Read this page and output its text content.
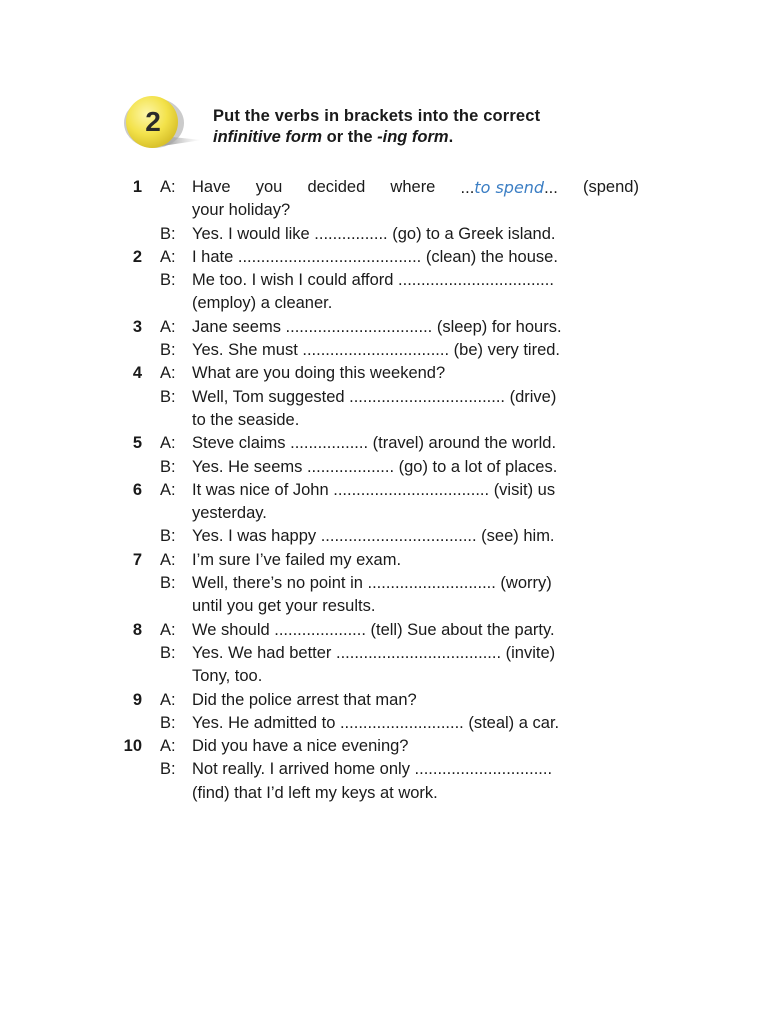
2	Put the verbs in brackets into the correct
infinitive form or the -ing form.
1 A: Have you decided where ...to spend... (spend)
your holiday?
B: Yes. I would like ................ (go) to a Greek island.
2 A: I hate ........................................ (clean) the house.
B: Me too. I wish I could afford ..................................
(employ) a cleaner.
3 A: Jane seems ................................ (sleep) for hours.
B: Yes. She must ................................ (be) very tired.
4 A: What are you doing this weekend?
B: Well, Tom suggested .................................. (drive)
to the seaside.
5 A: Steve claims ................. (travel) around the world.
B: Yes. He seems ................... (go) to a lot of places.
6 A: It was nice of John .................................. (visit) us
yesterday.
B: Yes. I was happy .................................. (see) him.
7 A: I’m sure I’ve failed my exam.
B: Well, there’s no point in ............................ (worry)
until you get your results.
8 A: We should .................... (tell) Sue about the party.
B: Yes. We had better .................................... (invite)
Tony, too.
9 A: Did the police arrest that man?
B: Yes. He admitted to ........................... (steal) a car.
10 A: Did you have a nice evening?
B: Not really. I arrived home only ..............................
(find) that I’d left my keys at work.
